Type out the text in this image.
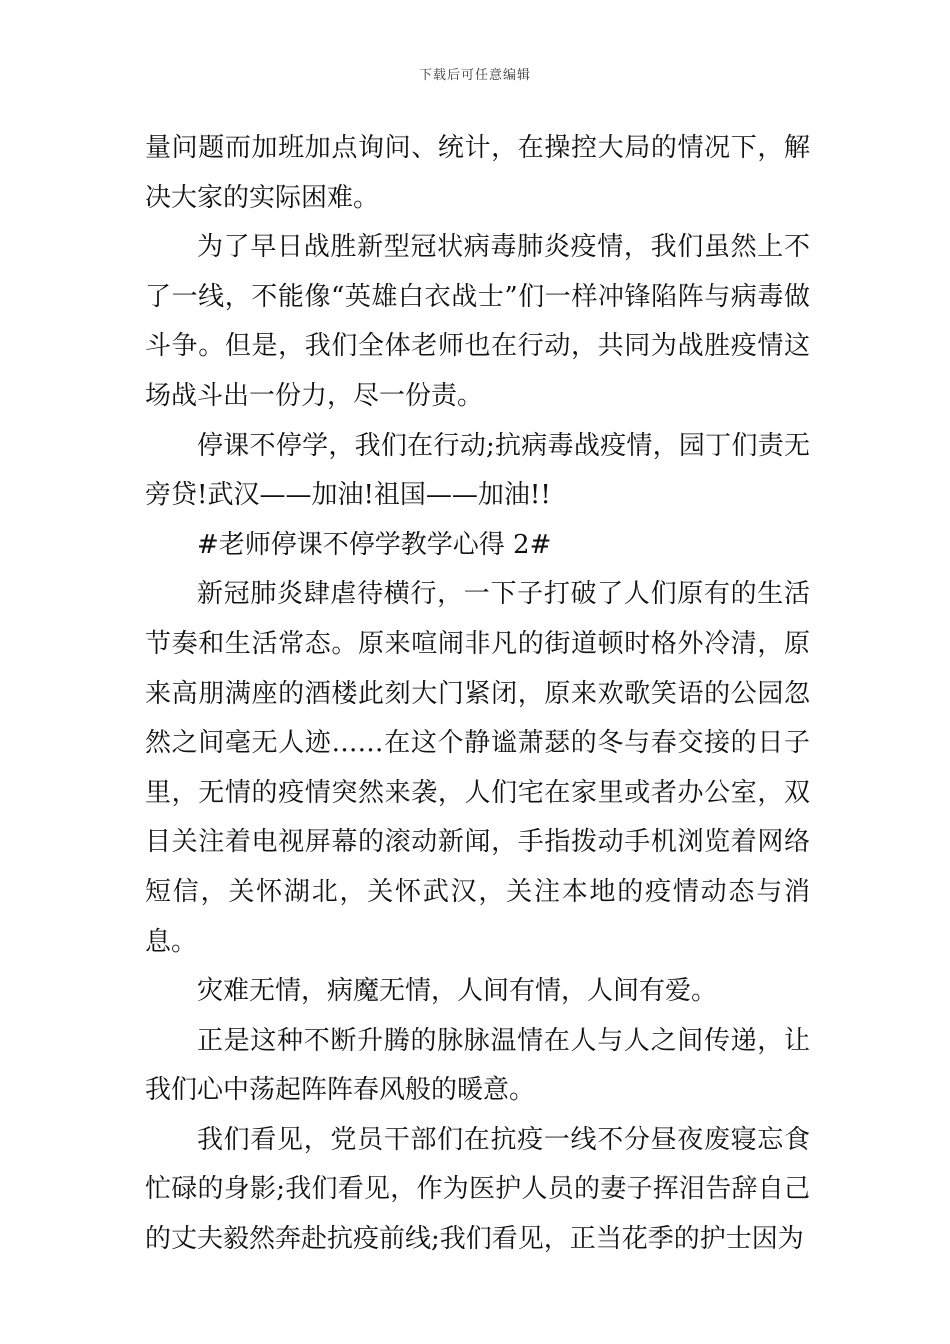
下载后可任意编辑

量问题而加班加点询问、统计，在操控大局的情况下，解决大家的实际困难。

为了早日战胜新型冠状病毒肺炎疫情，我们虽然上不了一线，不能像“英雄白衣战士”们一样冲锋陷阵与病毒做斗争。但是，我们全体老师也在行动，共同为战胜疫情这场战斗出一份力，尽一份责。

停课不停学，我们在行动;抗病毒战疫情，园丁们责无旁贷!武汉——加油!祖国——加油!!

#老师停课不停学教学心得 2#

新冠肺炎肆虐待横行，一下子打破了人们原有的生活节奏和生活常态。原来喧闹非凡的街道顿时格外冷清，原来高朋满座的酒楼此刻大门紧闭，原来欢歌笑语的公园忽然之间毫无人迹……在这个静谧萧瑟的冬与春交接的日子里，无情的疫情突然来袭，人们宅在家里或者办公室，双目关注着电视屏幕的滚动新闻，手指拨动手机浏览着网络短信，关怀湖北，关怀武汉，关注本地的疫情动态与消息。

灾难无情，病魔无情，人间有情，人间有爱。

正是这种不断升腾的脉脉温情在人与人之间传递，让我们心中荡起阵阵春风般的暖意。

我们看见，党员干部们在抗疫一线不分昼夜废寝忘食忙碌的身影;我们看见，作为医护人员的妻子挥泪告辞自己的丈夫毅然奔赴抗疫前线;我们看见，正当花季的护士因为
